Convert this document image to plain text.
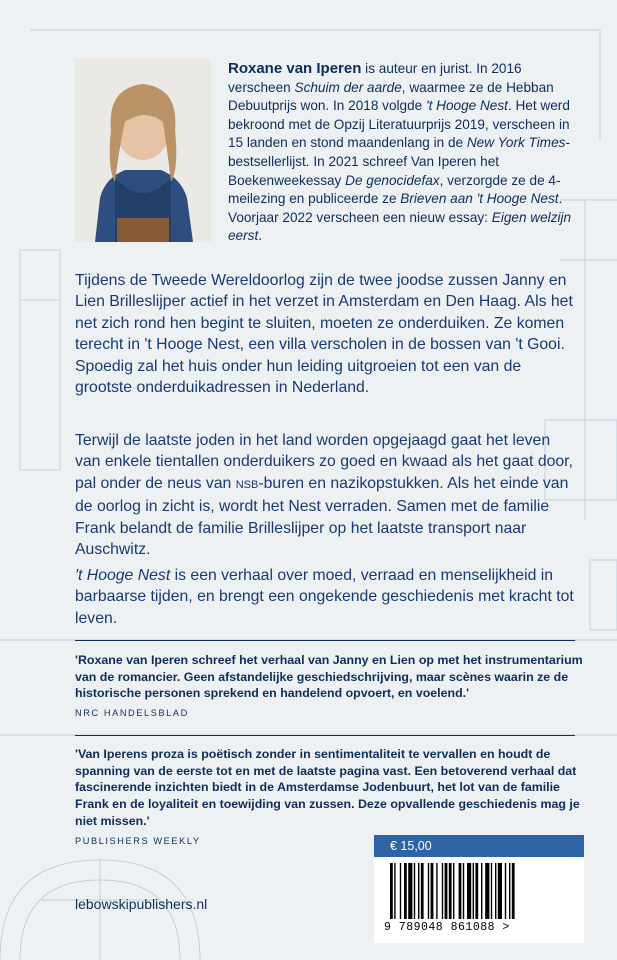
Roxane van Iperen is auteur en jurist. In 2016 verscheen Schuim der aarde, waarmee ze de Hebban Debuutprijs won. In 2018 volgde 't Hooge Nest. Het werd bekroond met de Opzij Literatuurprijs 2019, verscheen in 15 landen en stond maandenlang in de New York Times-bestsellerlijst. In 2021 schreef Van Iperen het Boekenweekessay De genocidefax, verzorgde ze de 4-meilezing en publiceerde ze Brieven aan 't Hooge Nest. Voorjaar 2022 verscheen een nieuw essay: Eigen welzijn eerst.
Tijdens de Tweede Wereldoorlog zijn de twee joodse zussen Janny en Lien Brilleslijper actief in het verzet in Amsterdam en Den Haag. Als het net zich rond hen begint te sluiten, moeten ze onderduiken. Ze komen terecht in 't Hooge Nest, een villa verscholen in de bossen van 't Gooi. Spoedig zal het huis onder hun leiding uitgroeien tot een van de grootste onderduikadressen in Nederland.
Terwijl de laatste joden in het land worden opgejaagd gaat het leven van enkele tientallen onderduikers zo goed en kwaad als het gaat door, pal onder de neus van NSB-buren en nazikopstukken. Als het einde van de oorlog in zicht is, wordt het Nest verraden. Samen met de familie Frank belandt de familie Brilleslijper op het laatste transport naar Auschwitz.
't Hooge Nest is een verhaal over moed, verraad en menselijkheid in barbaarse tijden, en brengt een ongekende geschiedenis met kracht tot leven.
'Roxane van Iperen schreef het verhaal van Janny en Lien op met het instrumentarium van de romancier. Geen afstandelijke geschiedschrijving, maar scènes waarin ze de historische personen sprekend en handelend opvoert, en voelend.'
NRC HANDELSBLAD
'Van Iperens proza is poëtisch zonder in sentimentaliteit te vervallen en houdt de spanning van de eerste tot en met de laatste pagina vast. Een betoverend verhaal dat fascinerende inzichten biedt in de Amsterdamse Jodenbuurt, het lot van de familie Frank en de loyaliteit en toewijding van zussen. Deze opvallende geschiedenis mag je niet missen.'
PUBLISHERS WEEKLY	€ 15,00
9 789048 861088 >
lebowskipublishers.nl
